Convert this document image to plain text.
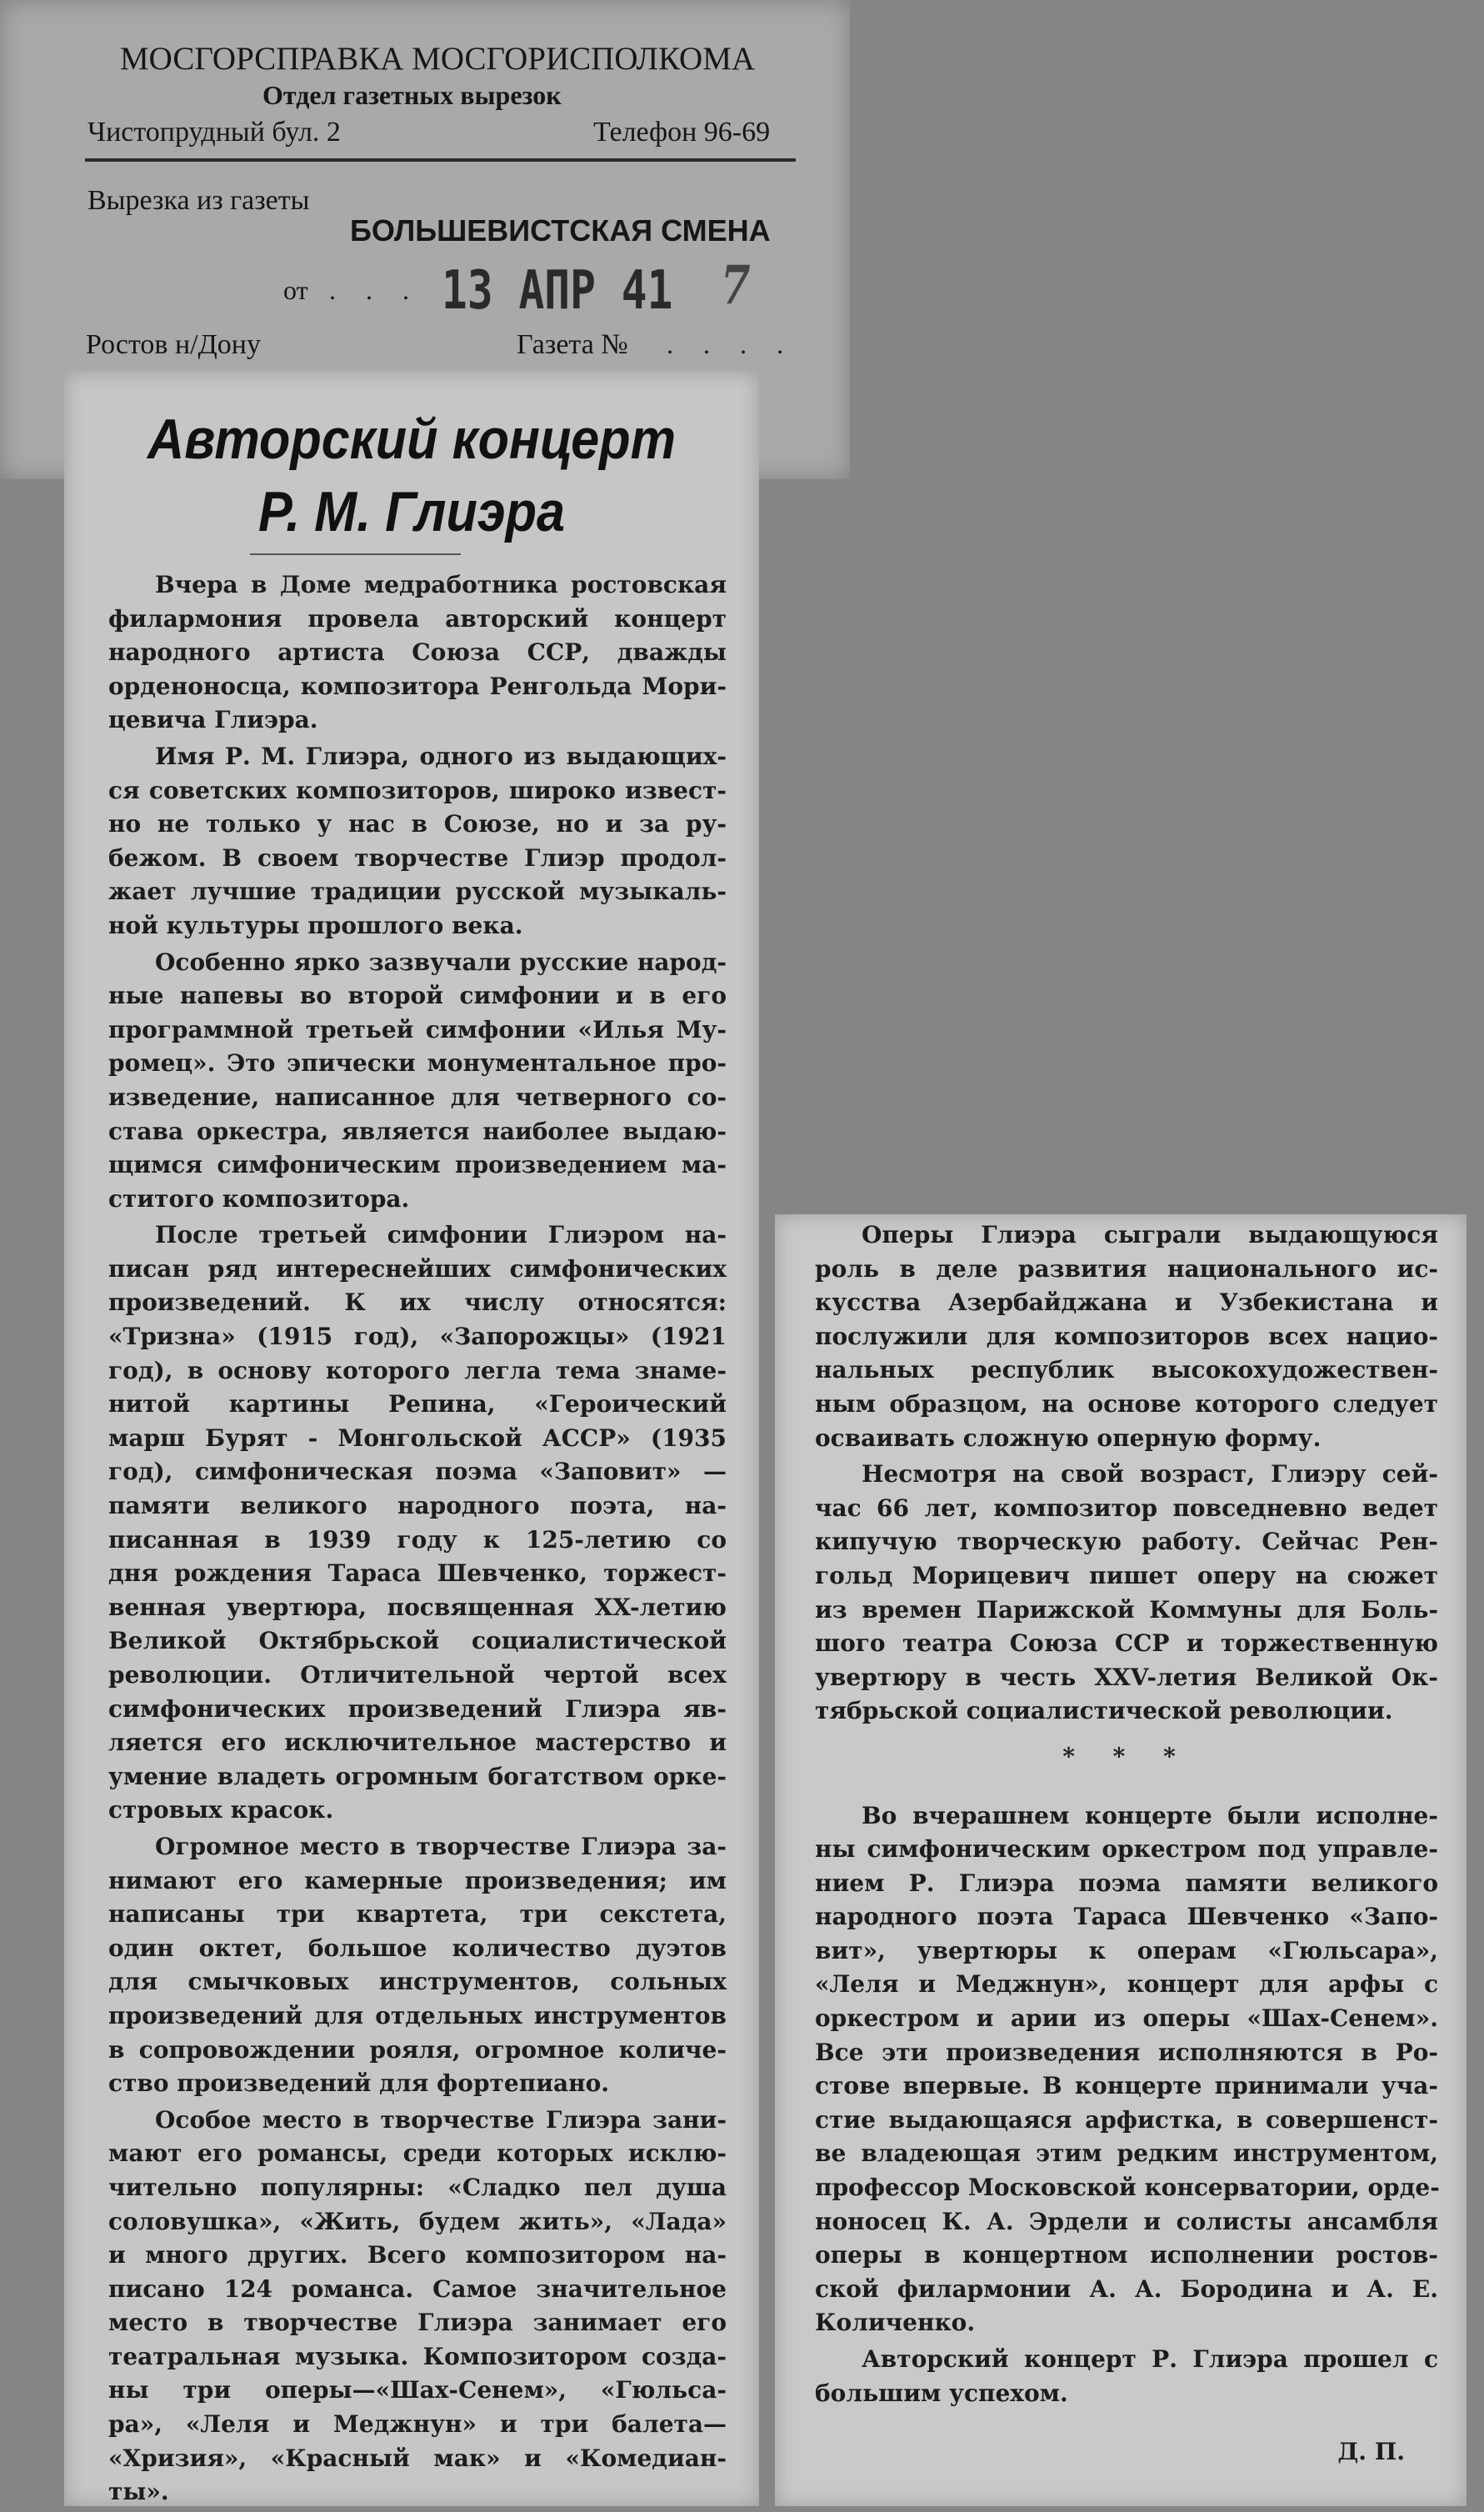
МОСГОРСПРАВКА МОСГОРИСПОЛКОМА
Отдел газетных вырезок
Чистопрудный бул. 2	Телефон 96-69
Вырезка из газеты
БОЛЬШЕВИСТСКАЯ СМЕНА
от . . . 13 АПР 41 7
Ростов н/Дону	Газета № . . . .
Авторский концерт
Р. М. Глиэра
Вчера в Доме медработника ростовская
филармония провела авторский концерт
народного артиста Союза ССР, дважды
орденоносца, композитора Ренгольда Мори-
цевича Глиэра.
Имя Р. М. Глиэра, одного из выдающих-
ся советских композиторов, широко извест-
но не только у нас в Союзе, но и за ру-
бежом. В своем творчестве Глиэр продол-
жает лучшие традиции русской музыкаль-
ной культуры прошлого века.
Особенно ярко зазвучали русские народ-
ные напевы во второй симфонии и в его
программной третьей симфонии «Илья Му-
ромец». Это эпически монументальное про-
изведение, написанное для четверного со-
става оркестра, является наиболее выдаю-
щимся симфоническим произведением ма-
ститого композитора.
После третьей симфонии Глиэром на-
писан ряд интереснейших симфонических
произведений. К их числу относятся:
«Тризна» (1915 год), «Запорожцы» (1921
год), в основу которого легла тема знаме-
нитой картины Репина, «Героический
марш Бурят - Монгольской АССР» (1935
год), симфоническая поэма «Заповит» —
памяти великого народного поэта, на-
писанная в 1939 году к 125-летию со
дня рождения Тараса Шевченко, торжест-
венная увертюра, посвященная XX-летию
Великой Октябрьской социалистической
революции. Отличительной чертой всех
симфонических произведений Глиэра яв-
ляется его исключительное мастерство и
умение владеть огромным богатством орке-
стровых красок.
Огромное место в творчестве Глиэра за-
нимают его камерные произведения; им
написаны три квартета, три секстета,
один октет, большое количество дуэтов
для смычковых инструментов, сольных
произведений для отдельных инструментов
в сопровождении рояля, огромное количе-
ство произведений для фортепиано.
Особое место в творчестве Глиэра зани-
мают его романсы, среди которых исклю-
чительно популярны: «Сладко пел душа
соловушка», «Жить, будем жить», «Лада»
и много других. Всего композитором на-
писано 124 романса. Самое значительное
место в творчестве Глиэра занимает его
театральная музыка. Композитором созда-
ны три оперы—«Шах-Сенем», «Гюльса-
ра», «Леля и Меджнун» и три балета—
«Хризия», «Красный мак» и «Комедиан-
ты».
Оперы Глиэра сыграли выдающуюся
роль в деле развития национального ис-
кусства Азербайджана и Узбекистана и
послужили для композиторов всех нацио-
нальных республик высокохудожествен-
ным образцом, на основе которого следует
осваивать сложную оперную форму.
Несмотря на свой возраст, Глиэру сей-
час 66 лет, композитор повседневно ведет
кипучую творческую работу. Сейчас Рен-
гольд Морицевич пишет оперу на сюжет
из времен Парижской Коммуны для Боль-
шого театра Союза ССР и торжественную
увертюру в честь XXV-летия Великой Ок-
тябрьской социалистической революции.
* * *
Во вчерашнем концерте были исполне-
ны симфоническим оркестром под управле-
нием Р. Глиэра поэма памяти великого
народного поэта Тараса Шевченко «Запо-
вит», увертюры к операм «Гюльсара»,
«Леля и Меджнун», концерт для арфы с
оркестром и арии из оперы «Шах-Сенем».
Все эти произведения исполняются в Ро-
стове впервые. В концерте принимали уча-
стие выдающаяся арфистка, в совершенст-
ве владеющая этим редким инструментом,
профессор Московской консерватории, орде-
ноносец К. А. Эрдели и солисты ансамбля
оперы в концертном исполнении ростов-
ской филармонии А. А. Бородина и А. Е.
Количенко.
Авторский концерт Р. Глиэра прошел с
большим успехом.
Д. П.
